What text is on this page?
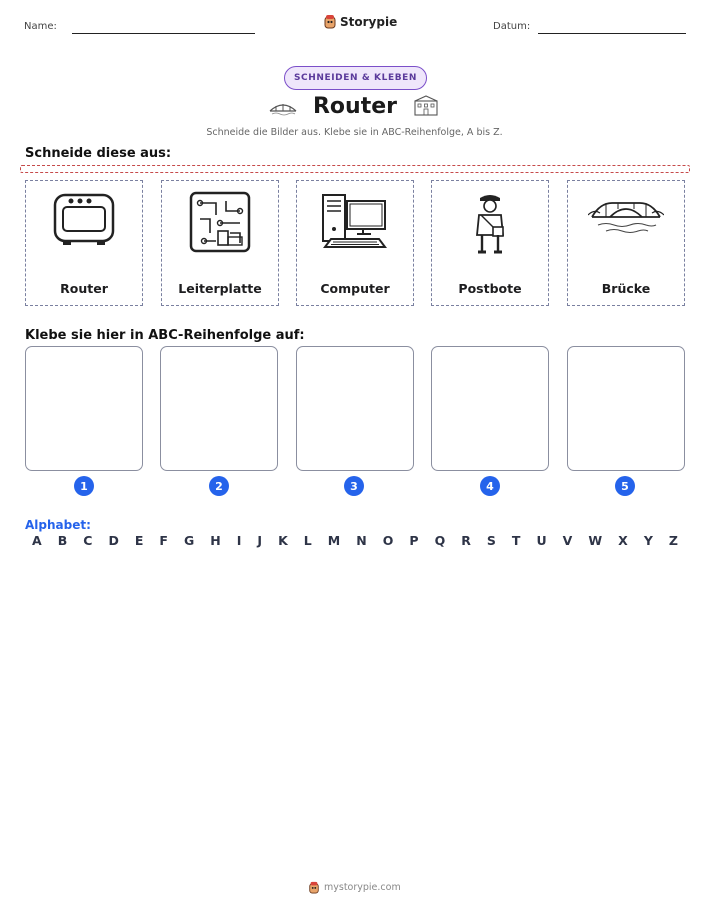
Name:	Storypie	Datum:
SCHNEIDEN & KLEBEN
Router
Schneide die Bilder aus. Klebe sie in ABC-Reihenfolge, A bis Z.
Schneide diese aus:
Router	Leiterplatte	Computer	Postbote	Brücke
Klebe sie hier in ABC-Reihenfolge auf:
1	2	3	4	5
Alphabet:
A B C D E F G H I J K L M N O P Q R S T U V W X Y Z
mystorypie.com
